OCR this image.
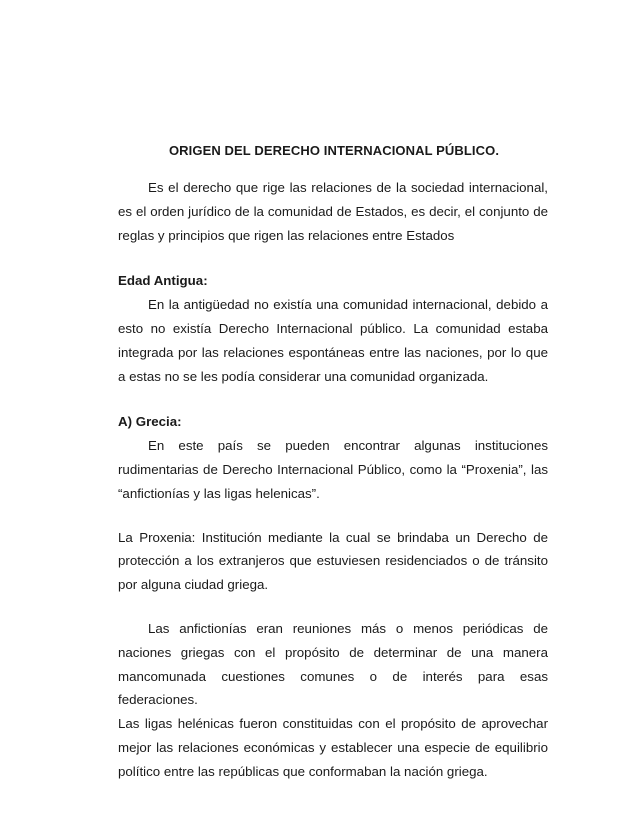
ORIGEN DEL DERECHO INTERNACIONAL PÚBLICO.

Es el derecho que rige las relaciones de la sociedad internacional, es el orden jurídico de la comunidad de Estados, es decir, el conjunto de reglas y principios que rigen las relaciones entre Estados

Edad Antigua:

En la antigüedad no existía una comunidad internacional, debido a esto no existía Derecho Internacional público. La comunidad estaba integrada por las relaciones espontáneas entre las naciones, por lo que a estas no se les podía considerar una comunidad organizada.

A) Grecia:

En este país se pueden encontrar algunas instituciones rudimentarias de Derecho Internacional Público, como la “Proxenia”, las “anfictionías y las ligas helenicas”.

La Proxenia: Institución mediante la cual se brindaba un Derecho de protección a los extranjeros que estuviesen residenciados o de tránsito por alguna ciudad griega.

Las anfictionías eran reuniones más o menos periódicas de naciones griegas con el propósito de determinar de una manera mancomunada cuestiones comunes o de interés para esas federaciones.

Las ligas helénicas fueron constituidas con el propósito de aprovechar mejor las relaciones económicas y establecer una especie de equilibrio político entre las repúblicas que conformaban la nación griega.
